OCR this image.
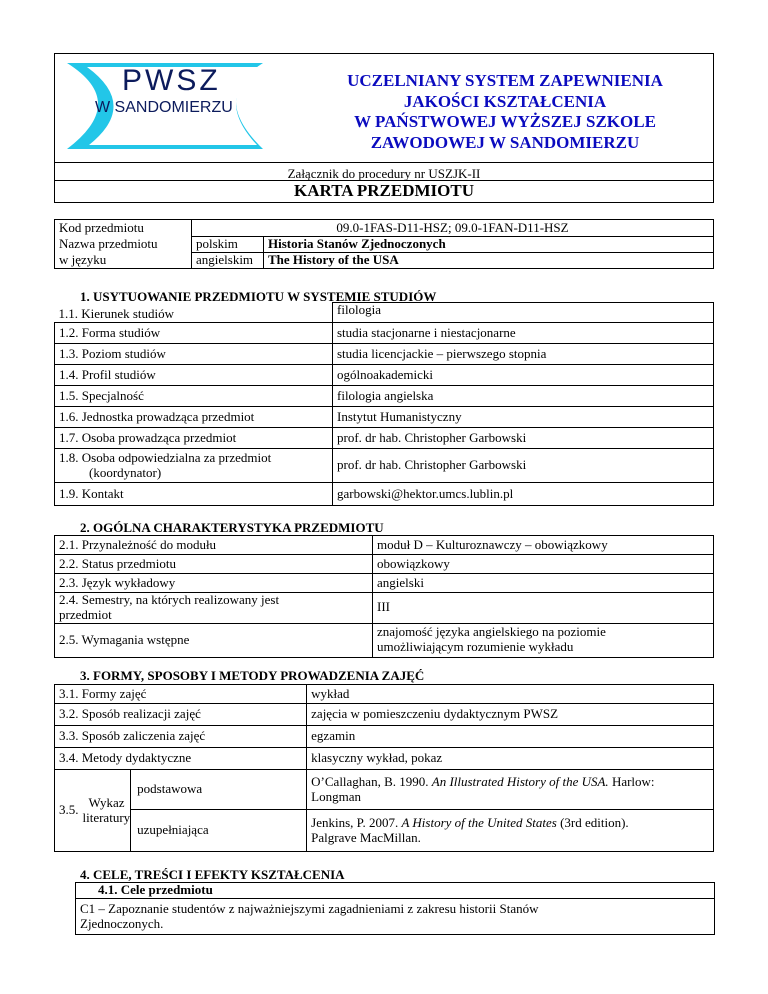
PWSZ
W SANDOMIERZU
UCZELNIANY SYSTEM ZAPEWNIENIA
JAKOŚCI KSZTAŁCENIA
W PAŃSTWOWEJ WYŻSZEJ SZKOLE
ZAWODOWEJ W SANDOMIERZU
Załącznik do procedury nr USZJK-II
KARTA PRZEDMIOTU
Kod przedmiotu	09.0-1FAS-D11-HSZ; 09.0-1FAN-D11-HSZ	
Nazwa przedmiotu	polskim	Historia Stanów Zjednoczonych
w języku	angielskim	The History of the USA
1. USYTUOWANIE PRZEDMIOTU W SYSTEMIE STUDIÓW
1.1. Kierunek studiów	filologia
1.2. Forma studiów	studia stacjonarne i niestacjonarne
1.3. Poziom studiów	studia licencjackie – pierwszego stopnia
1.4. Profil studiów	ogólnoakademicki
1.5. Specjalność	filologia angielska
1.6. Jednostka prowadząca przedmiot	Instytut Humanistyczny
1.7. Osoba prowadząca przedmiot	prof. dr hab. Christopher Garbowski

1.8. Osoba odpowiedzialna za przedmiot
(koordynator)	prof. dr hab. Christopher Garbowski
1.9. Kontakt	garbowski@hektor.umcs.lublin.pl
2. OGÓLNA CHARAKTERYSTYKA PRZEDMIOTU
2.1. Przynależność do modułu	moduł D – Kulturoznawczy – obowiązkowy
2.2. Status przedmiotu	obowiązkowy
2.3. Język wykładowy	angielski

2.4. Semestry, na których realizowany jest
przedmiot	III
2.5. Wymagania wstępne	znajomość języka angielskiego na poziomie
umożliwiającym rozumienie wykładu
3. FORMY, SPOSOBY I METODY PROWADZENIA ZAJĘĆ
3.1. Formy zajęć	wykład
3.2. Sposób realizacji zajęć	zajęcia w pomieszczeniu dydaktycznym PWSZ
3.3. Sposób zaliczenia zajęć	egzamin
3.4. Metody dydaktyczne	klasyczny wykład, pokaz

3.5.	Wykaz
literatury
	podstawowa	O’Callaghan, B. 1990. An Illustrated History of the USA. Harlow:
Longman

uzupełniająca	Jenkins, P. 2007. A History of the United States (3rd edition).
Palgrave MacMillan.
4. CELE, TREŚCI I EFEKTY KSZTAŁCENIA
4.1. Cele przedmiotu

C1 – Zapoznanie studentów z najważniejszymi zagadnieniami z zakresu historii Stanów
Zjednoczonych.
